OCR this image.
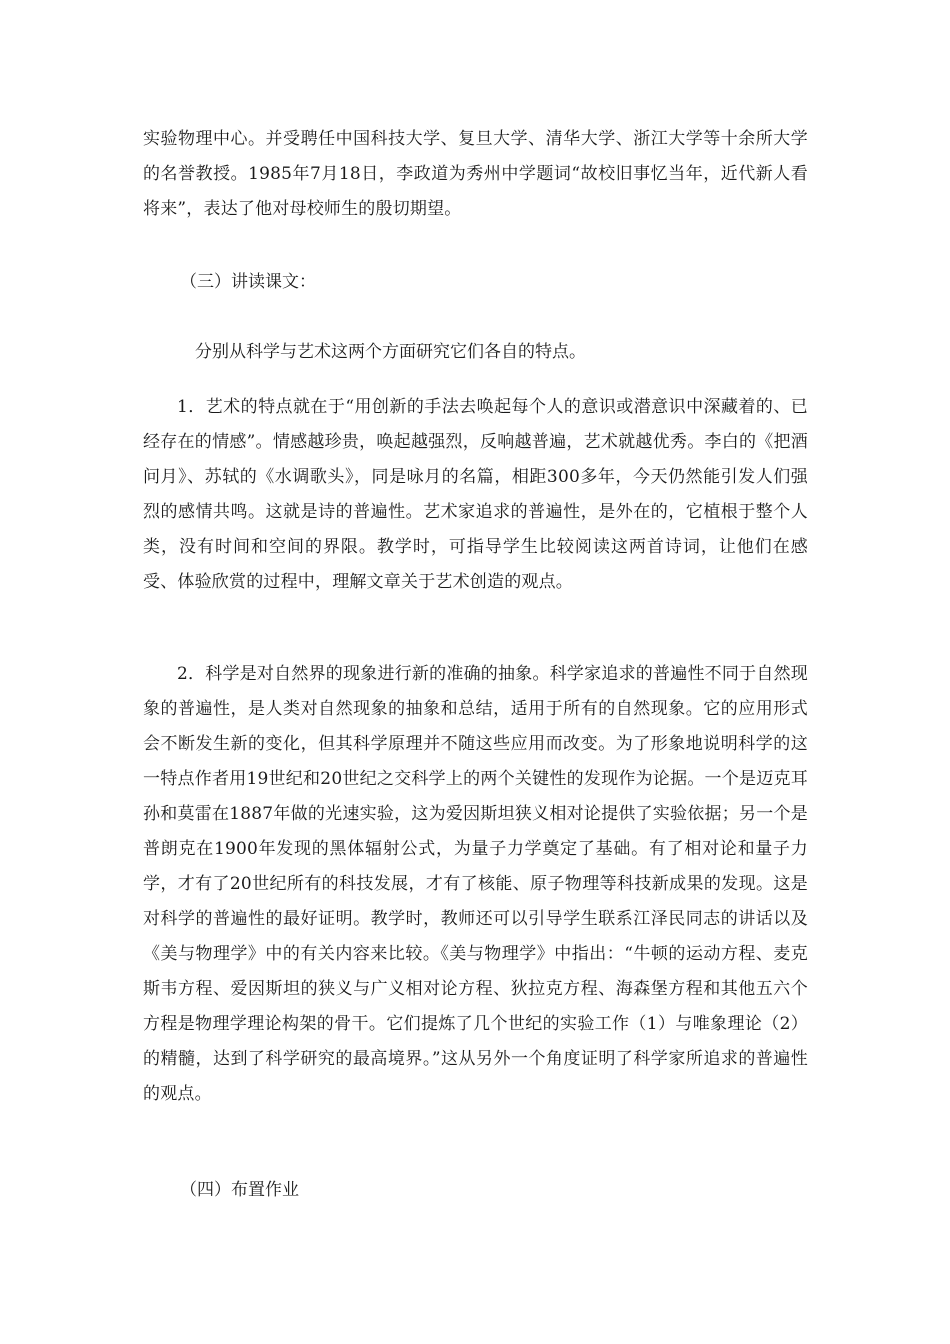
实验物理中心。并受聘任中国科技大学、复旦大学、清华大学、浙江大学等十余所大学的名誉教授。1985年7月18日，李政道为秀州中学题词“故校旧事忆当年，近代新人看将来”，表达了他对母校师生的殷切期望。

（三）讲读课文：

分别从科学与艺术这两个方面研究它们各自的特点。

1．艺术的特点就在于“用创新的手法去唤起每个人的意识或潜意识中深藏着的、已经存在的情感”。情感越珍贵，唤起越强烈，反响越普遍，艺术就越优秀。李白的《把酒问月》、苏轼的《水调歌头》，同是咏月的名篇，相距300多年，今天仍然能引发人们强烈的感情共鸣。这就是诗的普遍性。艺术家追求的普遍性，是外在的，它植根于整个人类，没有时间和空间的界限。教学时，可指导学生比较阅读这两首诗词，让他们在感受、体验欣赏的过程中，理解文章关于艺术创造的观点。

2．科学是对自然界的现象进行新的准确的抽象。科学家追求的普遍性不同于自然现象的普遍性，是人类对自然现象的抽象和总结，适用于所有的自然现象。它的应用形式会不断发生新的变化，但其科学原理并不随这些应用而改变。为了形象地说明科学的这一特点作者用19世纪和20世纪之交科学上的两个关键性的发现作为论据。一个是迈克耳孙和莫雷在1887年做的光速实验，这为爱因斯坦狭义相对论提供了实验依据；另一个是普朗克在1900年发现的黑体辐射公式，为量子力学奠定了基础。有了相对论和量子力学，才有了20世纪所有的科技发展，才有了核能、原子物理等科技新成果的发现。这是对科学的普遍性的最好证明。教学时，教师还可以引导学生联系江泽民同志的讲话以及《美与物理学》中的有关内容来比较。《美与物理学》中指出：“牛顿的运动方程、麦克斯韦方程、爱因斯坦的狭义与广义相对论方程、狄拉克方程、海森堡方程和其他五六个方程是物理学理论构架的骨干。它们提炼了几个世纪的实验工作（1）与唯象理论（2）的精髓，达到了科学研究的最高境界。”这从另外一个角度证明了科学家所追求的普遍性的观点。

（四）布置作业
